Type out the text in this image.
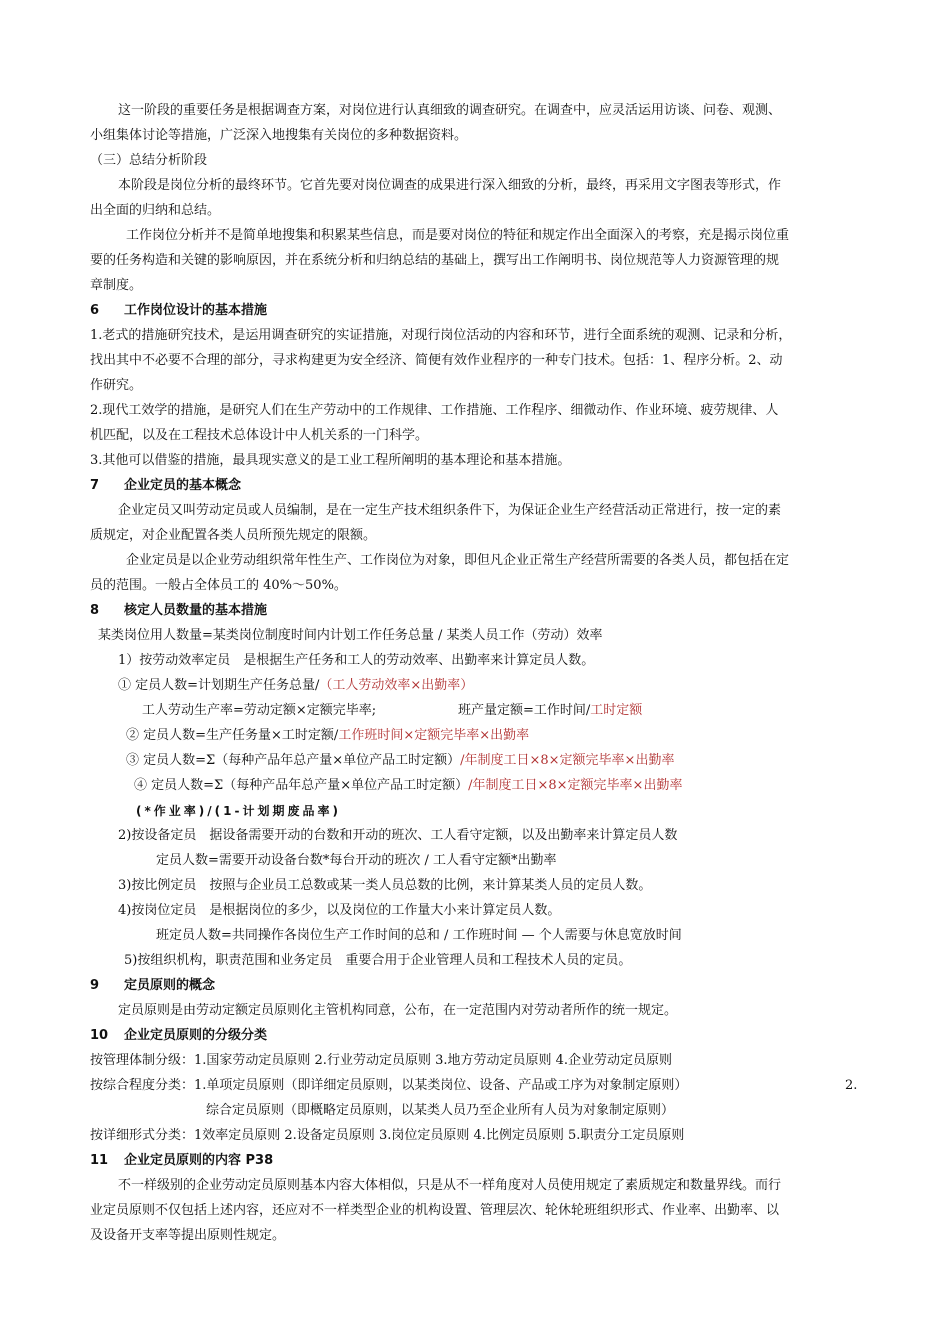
这一阶段的重要任务是根据调查方案，对岗位进行认真细致的调查研究。在调查中，应灵活运用访谈、问卷、观测、
小组集体讨论等措施，广泛深入地搜集有关岗位的多种数据资料。
（三）总结分析阶段
本阶段是岗位分析的最终环节。它首先要对岗位调查的成果进行深入细致的分析，最终，再采用文字图表等形式，作
出全面的归纳和总结。
工作岗位分析并不是简单地搜集和积累某些信息，而是要对岗位的特征和规定作出全面深入的考察，充是揭示岗位重
要的任务构造和关键的影响原因，并在系统分析和归纳总结的基础上，撰写出工作阐明书、岗位规范等人力资源管理的规
章制度。
6 工作岗位设计的基本措施
1.老式的措施研究技术，是运用调查研究的实证措施，对现行岗位活动的内容和环节，进行全面系统的观测、记录和分析，
找出其中不必要不合理的部分，寻求构建更为安全经济、简便有效作业程序的一种专门技术。包括：1、程序分析。2、动
作研究。
2.现代工效学的措施，是研究人们在生产劳动中的工作规律、工作措施、工作程序、细微动作、作业环境、疲劳规律、人
机匹配，以及在工程技术总体设计中人机关系的一门科学。
3.其他可以借鉴的措施，最具现实意义的是工业工程所阐明的基本理论和基本措施。
7 企业定员的基本概念
企业定员又叫劳动定员或人员编制，是在一定生产技术组织条件下，为保证企业生产经营活动正常进行，按一定的素
质规定，对企业配置各类人员所预先规定的限额。
企业定员是以企业劳动组织常年性生产、工作岗位为对象，即但凡企业正常生产经营所需要的各类人员，都包括在定
员的范围。一般占全体员工的 40%～50%。
8 核定人员数量的基本措施
某类岗位用人数量=某类岗位制度时间内计划工作任务总量 / 某类人员工作（劳动）效率
1）按劳动效率定员　是根据生产任务和工人的劳动效率、出勤率来计算定员人数。
① 定员人数=计划期生产任务总量/（工人劳动效率×出勤率）
工人劳动生产率=劳动定额×定额完毕率;	班产量定额=工作时间/工时定额
② 定员人数=生产任务量×工时定额/工作班时间×定额完毕率×出勤率
③ 定员人数=Σ（每种产品年总产量×单位产品工时定额）/年制度工日×8×定额完毕率×出勤率
④ 定员人数=Σ（每种产品年总产量×单位产品工时定额）/年制度工日×8×定额完毕率×出勤率
(*作业率)/(1-计划期废品率)
2)按设备定员　据设备需要开动的台数和开动的班次、工人看守定额，以及出勤率来计算定员人数
定员人数=需要开动设备台数*每台开动的班次 / 工人看守定额*出勤率
3)按比例定员　按照与企业员工总数或某一类人员总数的比例，来计算某类人员的定员人数。
4)按岗位定员　是根据岗位的多少，以及岗位的工作量大小来计算定员人数。
班定员人数=共同操作各岗位生产工作时间的总和 / 工作班时间 — 个人需要与休息宽放时间
5)按组织机构，职责范围和业务定员　重要合用于企业管理人员和工程技术人员的定员。
9 定员原则的概念
定员原则是由劳动定额定员原则化主管机构同意，公布，在一定范围内对劳动者所作的统一规定。
10 企业定员原则的分级分类
按管理体制分级：1.国家劳动定员原则 2.行业劳动定员原则 3.地方劳动定员原则 4.企业劳动定员原则
按综合程度分类：1.单项定员原则（即详细定员原则，以某类岗位、设备、产品或工序为对象制定原则）	2.
综合定员原则（即概略定员原则，以某类人员乃至企业所有人员为对象制定原则）
按详细形式分类：1效率定员原则 2.设备定员原则 3.岗位定员原则 4.比例定员原则 5.职责分工定员原则
11 企业定员原则的内容 P38
不一样级别的企业劳动定员原则基本内容大体相似，只是从不一样角度对人员使用规定了素质规定和数量界线。而行
业定员原则不仅包括上述内容，还应对不一样类型企业的机构设置、管理层次、轮休轮班组织形式、作业率、出勤率、以
及设备开支率等提出原则性规定。
